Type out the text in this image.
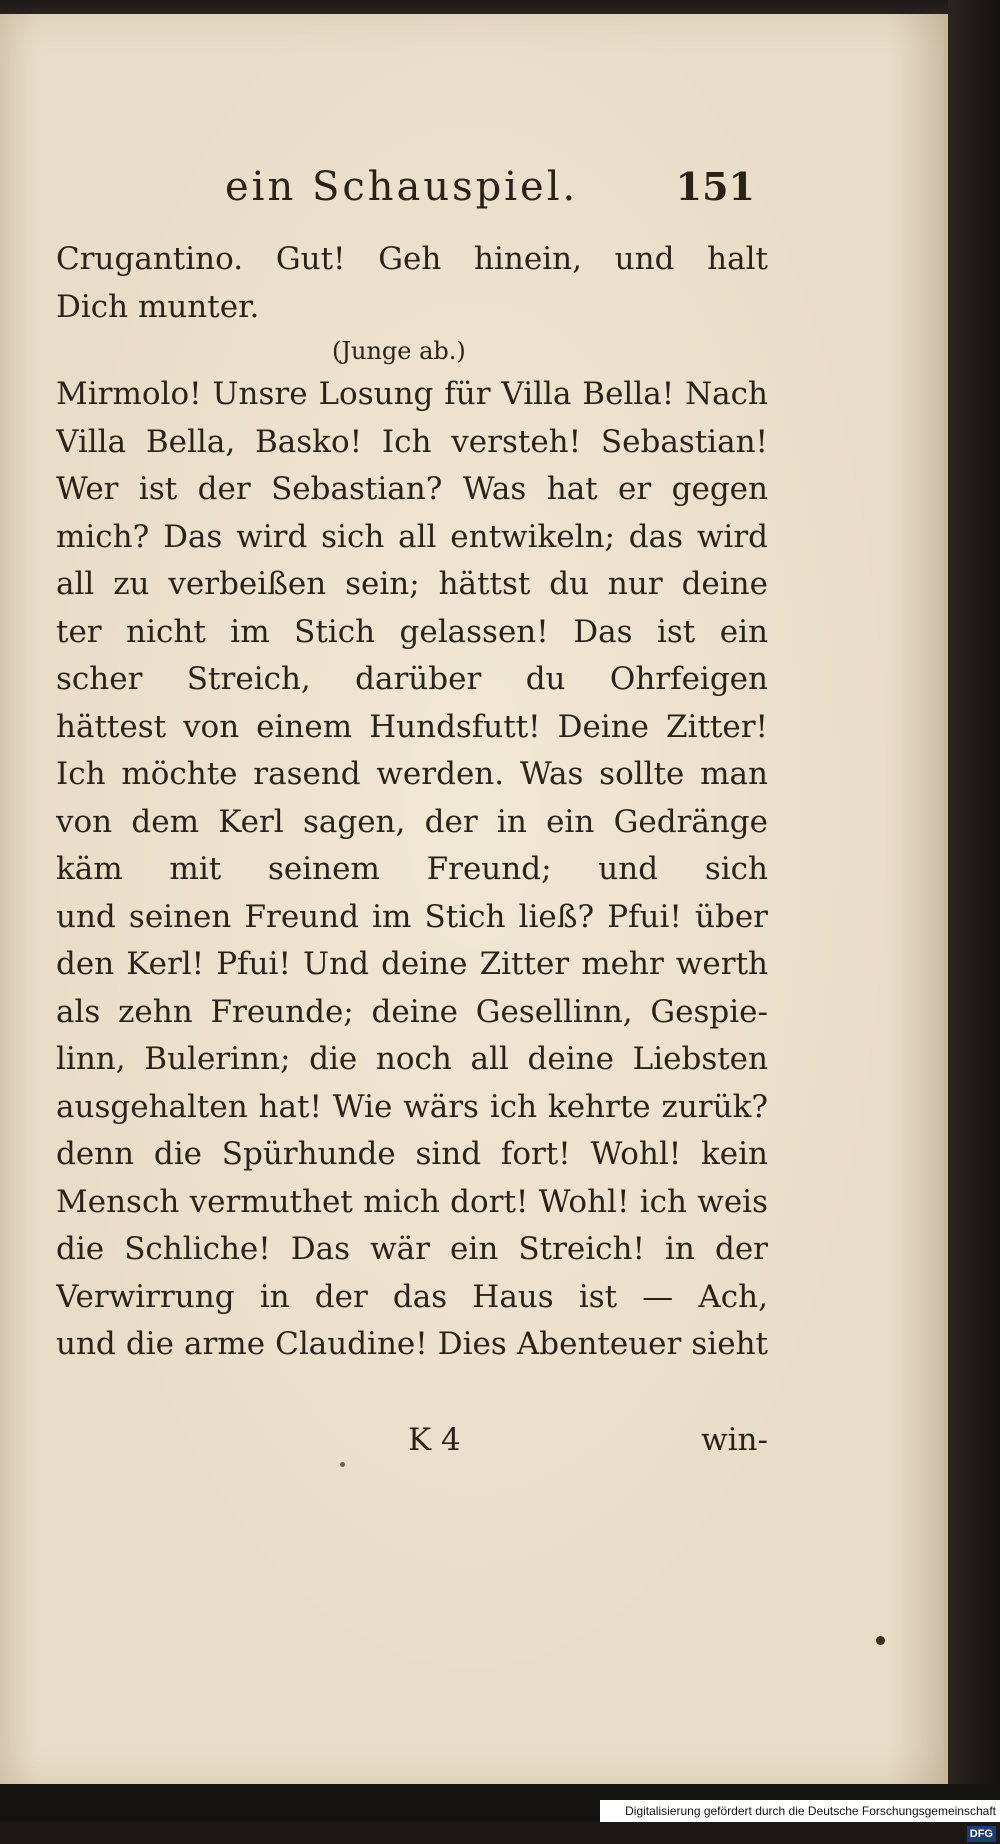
ein Schauspiel.	151
Crugantino. Gut! Geh hinein, und halt
Dich munter.
(Junge ab.)
Mirmolo! Unsre Losung für Villa Bella! Nach
Villa Bella, Basko! Ich versteh! Sebastian!
Wer ist der Sebastian? Was hat er gegen
mich? Das wird sich all entwikeln; das wird
all zu verbeißen sein; hättst du nur deine
ter nicht im Stich gelassen! Das ist ein
scher Streich, darüber du Ohrfeigen
hättest von einem Hundsfutt! Deine Zitter!
Ich möchte rasend werden. Was sollte man
von dem Kerl sagen, der in ein Gedränge
käm mit seinem Freund; und sich
und seinen Freund im Stich ließ? Pfui! über
den Kerl! Pfui! Und deine Zitter mehr werth
als zehn Freunde; deine Gesellinn, Gespie-
linn, Bulerinn; die noch all deine Liebsten
ausgehalten hat! Wie wärs ich kehrte zurük?
denn die Spürhunde sind fort! Wohl! kein
Mensch vermuthet mich dort! Wohl! ich weis
die Schliche! Das wär ein Streich! in der
Verwirrung in der das Haus ist — Ach,
und die arme Claudine! Dies Abenteuer sieht
K 4	win-
Digitalisierung gefördert durch die Deutsche Forschungsgemeinschaft DFG
